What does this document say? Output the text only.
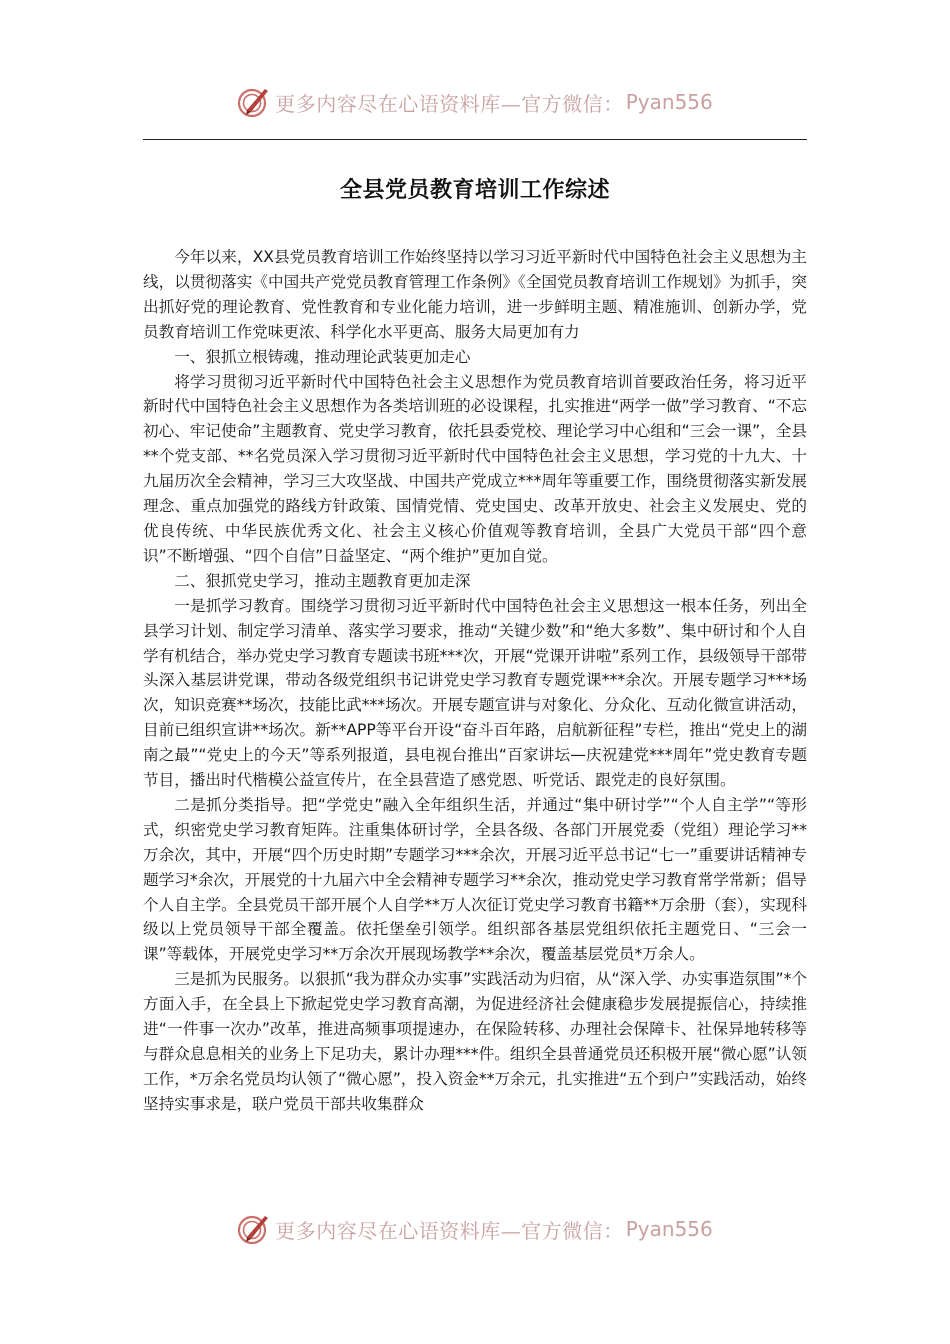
更多内容尽在心语资料库—官方微信： Pyan556
全县党员教育培训工作综述

今年以来，XX县党员教育培训工作始终坚持以学习习近平新时代中国特色社会主义思想为主线，以贯彻落实《中国共产党党员教育管理工作条例》《全国党员教育培训工作规划》为抓手，突出抓好党的理论教育、党性教育和专业化能力培训，进一步鲜明主题、精准施训、创新办学，党员教育培训工作党味更浓、科学化水平更高、服务大局更加有力

一、狠抓立根铸魂，推动理论武装更加走心

将学习贯彻习近平新时代中国特色社会主义思想作为党员教育培训首要政治任务，将习近平新时代中国特色社会主义思想作为各类培训班的必设课程，扎实推进“两学一做”学习教育、“不忘初心、牢记使命”主题教育、党史学习教育，依托县委党校、理论学习中心组和“三会一课”，全县**个党支部、**名党员深入学习贯彻习近平新时代中国特色社会主义思想，学习党的十九大、十九届历次全会精神，学习三大攻坚战、中国共产党成立***周年等重要工作，围绕贯彻落实新发展理念、重点加强党的路线方针政策、国情党情、党史国史、改革开放史、社会主义发展史、党的优良传统、中华民族优秀文化、社会主义核心价值观等教育培训，全县广大党员干部“四个意识”不断增强、“四个自信”日益坚定、“两个维护”更加自觉。

二、狠抓党史学习，推动主题教育更加走深

一是抓学习教育。围绕学习贯彻习近平新时代中国特色社会主义思想这一根本任务，列出全县学习计划、制定学习清单、落实学习要求，推动“关键少数”和“绝大多数”、集中研讨和个人自学有机结合，举办党史学习教育专题读书班***次，开展“党课开讲啦”系列工作，县级领导干部带头深入基层讲党课，带动各级党组织书记讲党史学习教育专题党课***余次。开展专题学习***场次，知识竞赛**场次，技能比武***场次。开展专题宣讲与对象化、分众化、互动化微宣讲活动，目前已组织宣讲**场次。新**APP等平台开设“奋斗百年路，启航新征程”专栏，推出“党史上的湖南之最”“党史上的今天”等系列报道，县电视台推出“百家讲坛—庆祝建党***周年”党史教育专题节目，播出时代楷模公益宣传片，在全县营造了感党恩、听党话、跟党走的良好氛围。

二是抓分类指导。把“学党史”融入全年组织生活，并通过“集中研讨学”“个人自主学”“等形式，织密党史学习教育矩阵。注重集体研讨学，全县各级、各部门开展党委（党组）理论学习**万余次，其中，开展“四个历史时期”专题学习***余次，开展习近平总书记“七一”重要讲话精神专题学习*余次，开展党的十九届六中全会精神专题学习**余次，推动党史学习教育常学常新；倡导个人自主学。全县党员干部开展个人自学**万人次征订党史学习教育书籍**万余册（套），实现科级以上党员领导干部全覆盖。依托堡垒引领学。组织部各基层党组织依托主题党日、“三会一课”等载体，开展党史学习**万余次开展现场教学**余次，覆盖基层党员*万余人。

三是抓为民服务。以狠抓“我为群众办实事”实践活动为归宿，从“深入学、办实事造氛围”*个方面入手，在全县上下掀起党史学习教育高潮，为促进经济社会健康稳步发展提振信心，持续推进“一件事一次办”改革，推进高频事项提速办，在保险转移、办理社会保障卡、社保异地转移等与群众息息相关的业务上下足功夫，累计办理***件。组织全县普通党员还积极开展“微心愿”认领工作，*万余名党员均认领了“微心愿”，投入资金**万余元，扎实推进“五个到户”实践活动，始终坚持实事求是，联户党员干部共收集群众

更多内容尽在心语资料库—官方微信： Pyan556
